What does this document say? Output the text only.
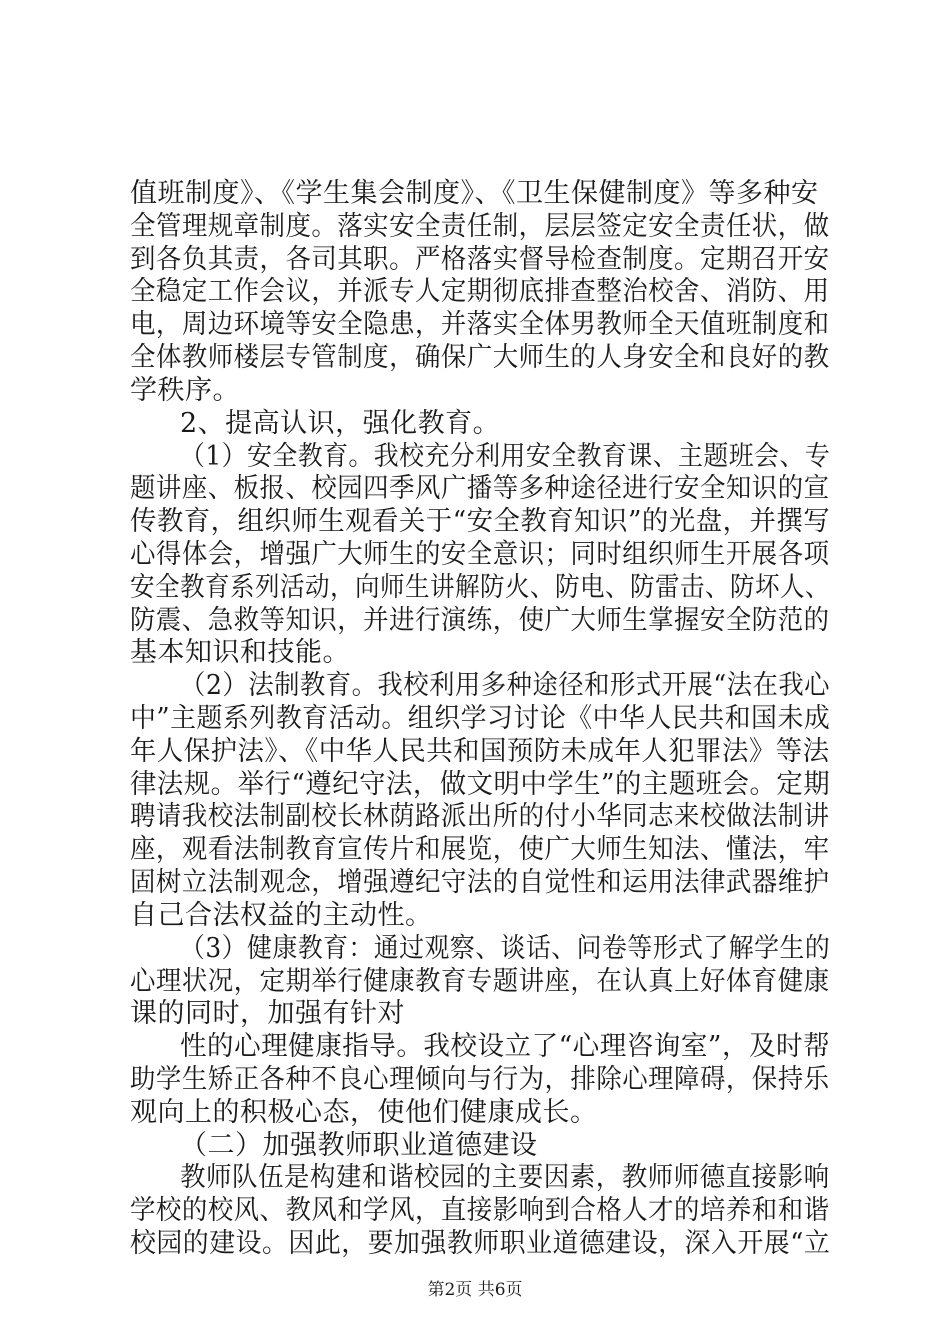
值班制度》、《学生集会制度》、《卫生保健制度》等多种安
全管理规章制度。落实安全责任制，层层签定安全责任状，做
到各负其责，各司其职。严格落实督导检查制度。定期召开安
全稳定工作会议，并派专人定期彻底排查整治校舍、消防、用
电，周边环境等安全隐患，并落实全体男教师全天值班制度和
全体教师楼层专管制度，确保广大师生的人身安全和良好的教
学秩序。
2、提高认识，强化教育。
（1）安全教育。我校充分利用安全教育课、主题班会、专
题讲座、板报、校园四季风广播等多种途径进行安全知识的宣
传教育，组织师生观看关于“安全教育知识”的光盘，并撰写
心得体会，增强广大师生的安全意识；同时组织师生开展各项
安全教育系列活动，向师生讲解防火、防电、防雷击、防坏人、
防震、急救等知识，并进行演练，使广大师生掌握安全防范的
基本知识和技能。
（2）法制教育。我校利用多种途径和形式开展“法在我心
中”主题系列教育活动。组织学习讨论《中华人民共和国未成
年人保护法》、《中华人民共和国预防未成年人犯罪法》等法
律法规。举行“遵纪守法，做文明中学生”的主题班会。定期
聘请我校法制副校长林荫路派出所的付小华同志来校做法制讲
座，观看法制教育宣传片和展览，使广大师生知法、懂法，牢
固树立法制观念，增强遵纪守法的自觉性和运用法律武器维护
自己合法权益的主动性。
（3）健康教育：通过观察、谈话、问卷等形式了解学生的
心理状况，定期举行健康教育专题讲座，在认真上好体育健康
课的同时，加强有针对
性的心理健康指导。我校设立了“心理咨询室”，及时帮
助学生矫正各种不良心理倾向与行为，排除心理障碍，保持乐
观向上的积极心态，使他们健康成长。
（二）加强教师职业道德建设
教师队伍是构建和谐校园的主要因素，教师师德直接影响
学校的校风、教风和学风，直接影响到合格人才的培养和和谐
校园的建设。因此，要加强教师职业道德建设，深入开展“立
第2页 共6页
